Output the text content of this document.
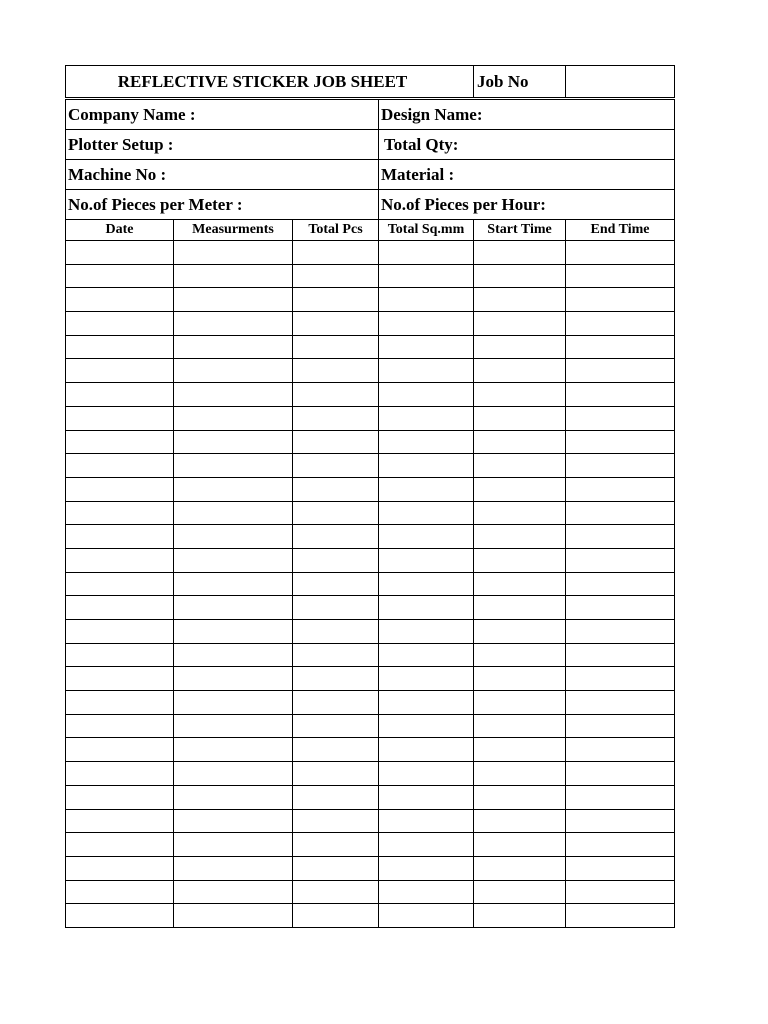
REFLECTIVE STICKER JOB SHEET	Job No	
Company Name :	Design Name:
Plotter Setup :	Total Qty:
Machine No :	Material :
No.of Pieces per Meter :	No.of Pieces per Hour:
Date	Measurments	Total Pcs	Total Sq.mm	Start Time	End Time
